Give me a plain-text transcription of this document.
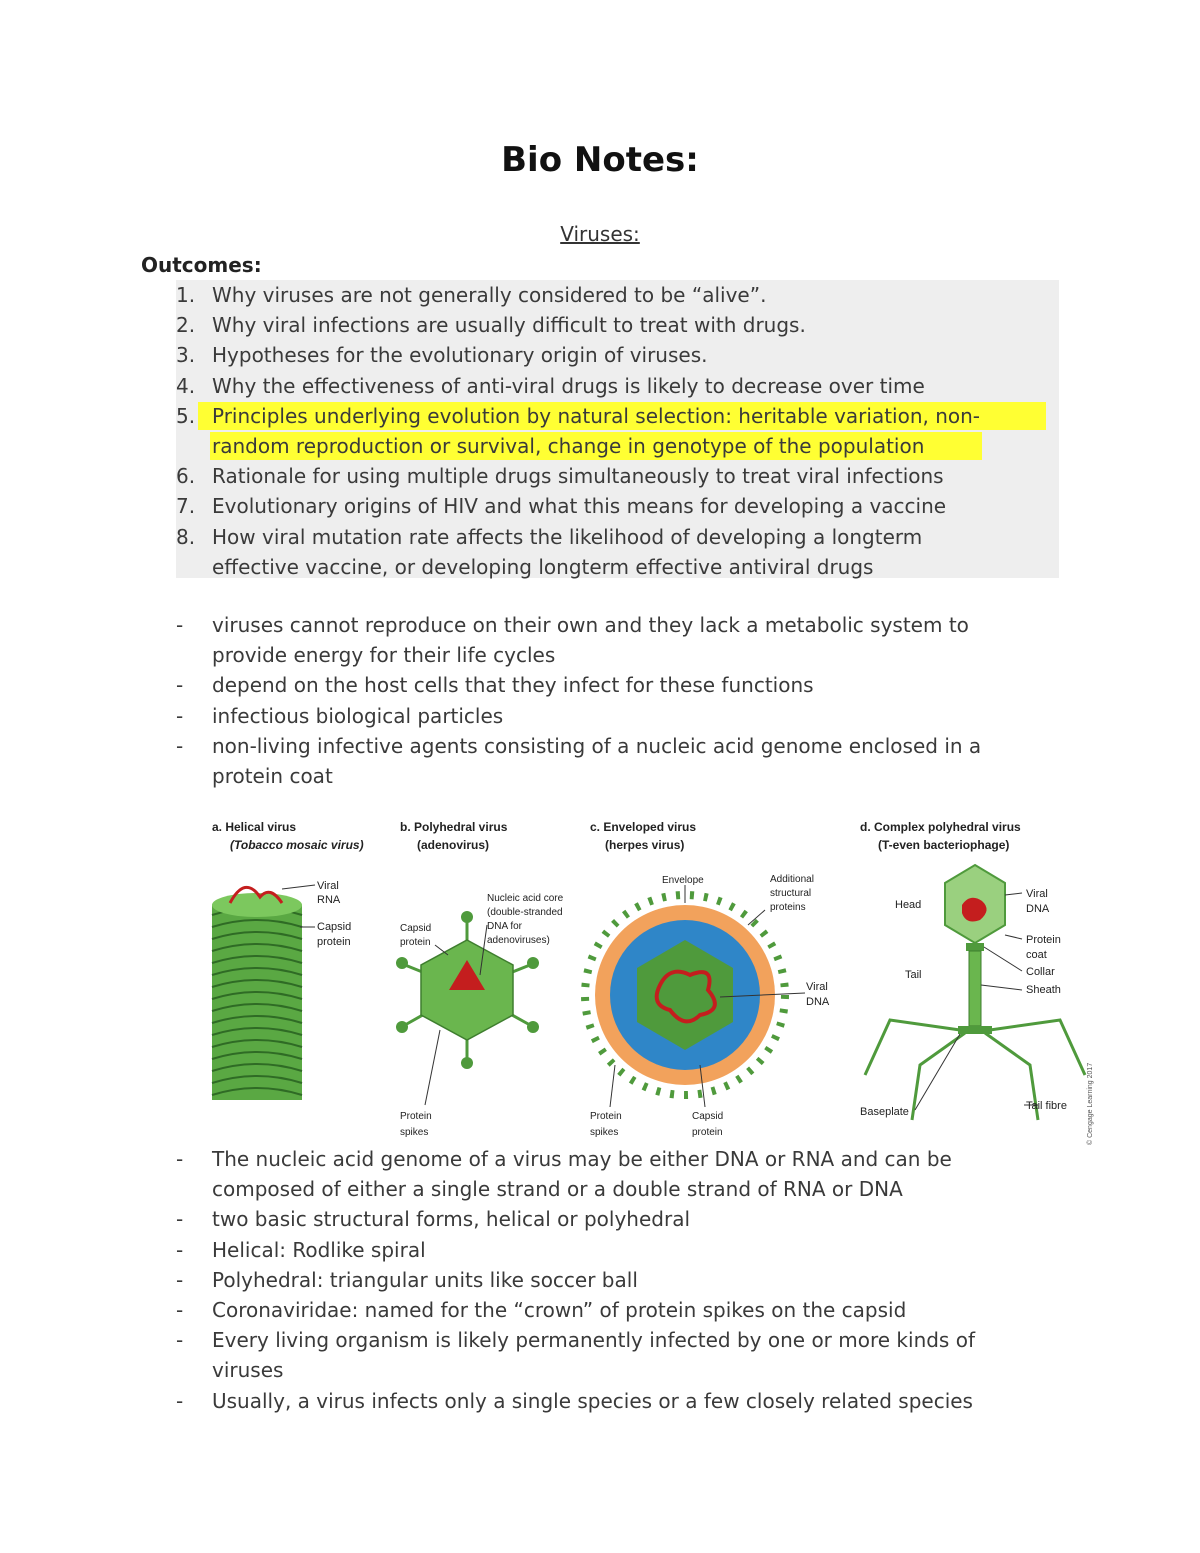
Bio Notes:
Viruses:
Outcomes:
1. Why viruses are not generally considered to be “alive”.
2. Why viral infections are usually difficult to treat with drugs.
3. Hypotheses for the evolutionary origin of viruses.
4. Why the effectiveness of anti-viral drugs is likely to decrease over time
5. Principles underlying evolution by natural selection: heritable variation, non-
random reproduction or survival, change in genotype of the population
6. Rationale for using multiple drugs simultaneously to treat viral infections
7. Evolutionary origins of HIV and what this means for developing a vaccine
8. How viral mutation rate affects the likelihood of developing a longterm
effective vaccine, or developing longterm effective antiviral drugs
- viruses cannot reproduce on their own and they lack a metabolic system to
provide energy for their life cycles
- depend on the host cells that they infect for these functions
- infectious biological particles
- non-living infective agents consisting of a nucleic acid genome enclosed in a
protein coat
a. Helical virus
(Tobacco mosaic virus)
Viral
RNA
Capsid
protein
b. Polyhedral virus
(adenovirus)
Nucleic acid core
(double-stranded
DNA for
adenoviruses)
Capsid
protein
Protein
spikes
c. Enveloped virus
(herpes virus)
Envelope	Additional
structural
proteins
Viral
DNA
Protein
spikes
Capsid
protein
d. Complex polyhedral virus
(T-even bacteriophage)
Head
Viral
DNA
Protein
coat
Collar
Sheath
Tail
Baseplate	Tail fibre	© Cengage Learning 2017
- The nucleic acid genome of a virus may be either DNA or RNA and can be
composed of either a single strand or a double strand of RNA or DNA
- two basic structural forms, helical or polyhedral
- Helical: Rodlike spiral
- Polyhedral: triangular units like soccer ball
- Coronaviridae: named for the “crown” of protein spikes on the capsid
- Every living organism is likely permanently infected by one or more kinds of
viruses
- Usually, a virus infects only a single species or a few closely related species
